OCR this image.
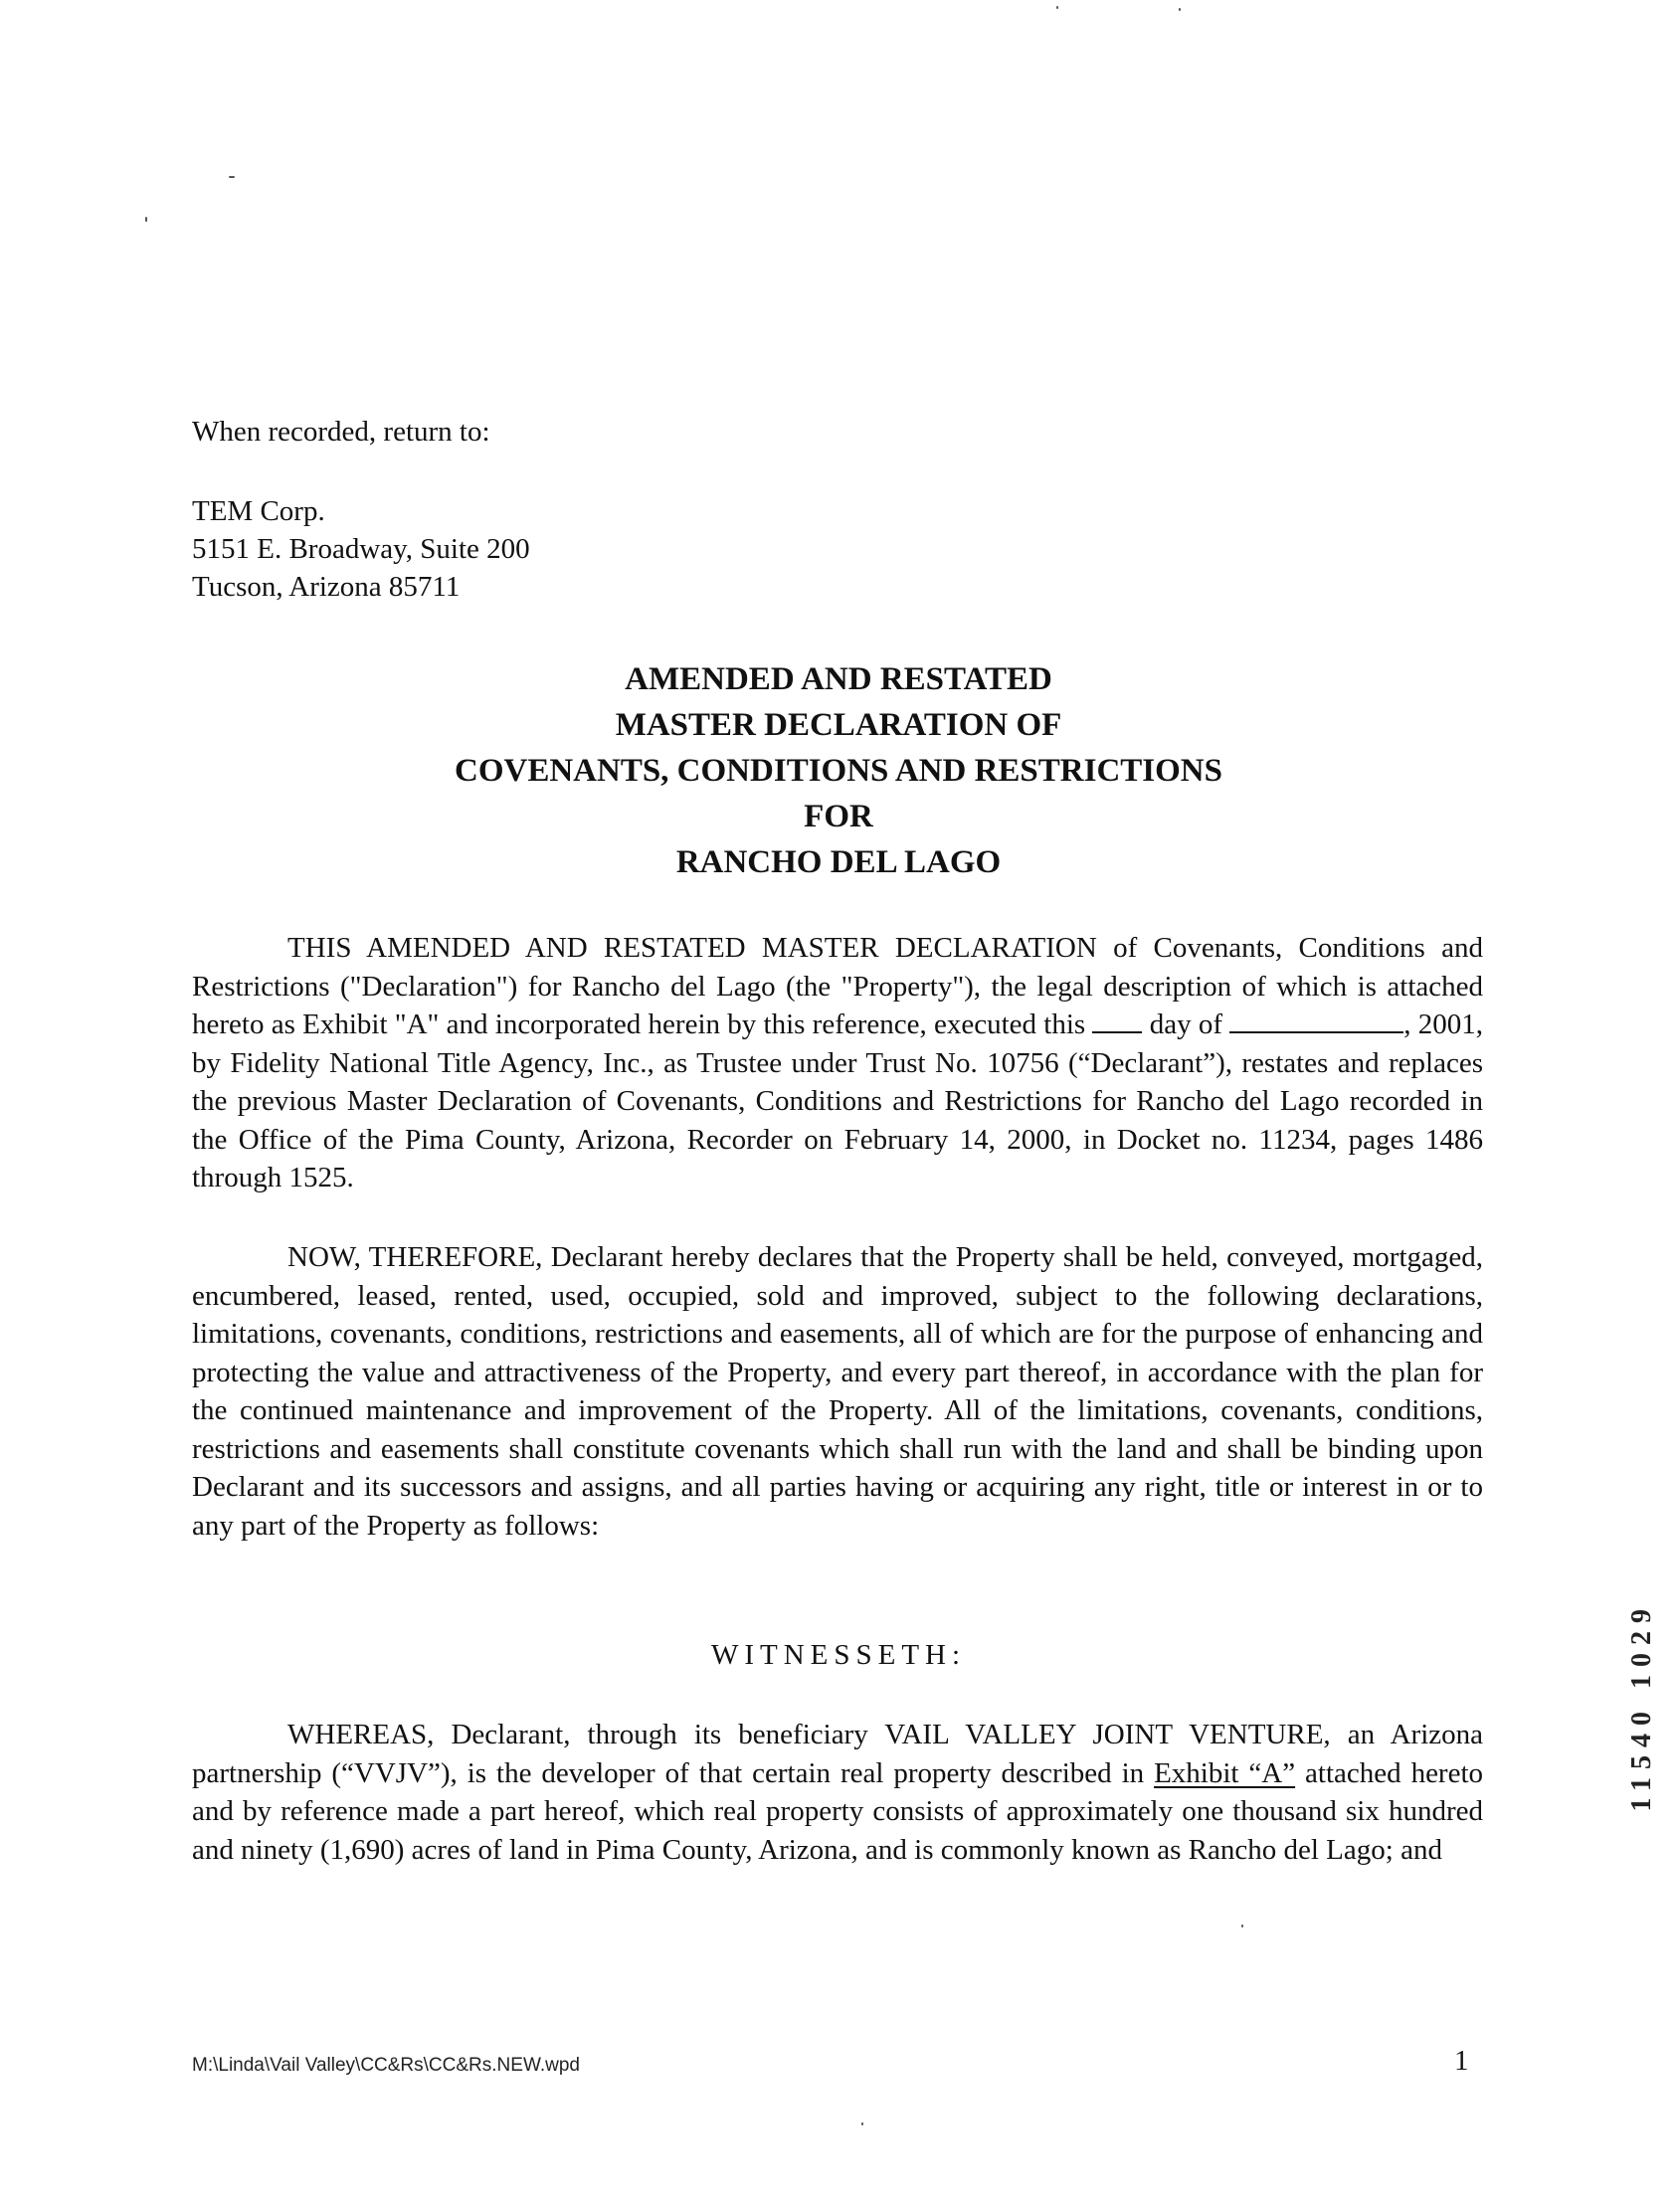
When recorded, return to:
TEM Corp.
5151 E. Broadway, Suite 200
Tucson, Arizona 85711
AMENDED AND RESTATED
MASTER DECLARATION OF
COVENANTS, CONDITIONS AND RESTRICTIONS
FOR
RANCHO DEL LAGO

THIS AMENDED AND RESTATED MASTER DECLARATION of Covenants, Conditions and Restrictions ("Declaration") for Rancho del Lago (the "Property"), the legal description of which is attached hereto as Exhibit "A" and incorporated herein by this reference, executed this day of	, 2001, by Fidelity National Title Agency, Inc., as Trustee under Trust No. 10756 (“Declarant”), restates and replaces the previous Master Declaration of Covenants, Conditions and Restrictions for Rancho del Lago recorded in the Office of the Pima County, Arizona, Recorder on February 14, 2000, in Docket no. 11234, pages 1486 through 1525.

NOW, THEREFORE, Declarant hereby declares that the Property shall be held, conveyed, mortgaged, encumbered, leased, rented, used, occupied, sold and improved, subject to the following declarations, limitations, covenants, conditions, restrictions and easements, all of which are for the purpose of enhancing and protecting the value and attractiveness of the Property, and every part thereof, in accordance with the plan for the continued maintenance and improvement of the Property. All of the limitations, covenants, conditions, restrictions and easements shall constitute covenants which shall run with the land and shall be binding upon Declarant and its successors and assigns, and all parties having or acquiring any right, title or interest in or to any part of the Property as follows:

WITNESSETH:

WHEREAS, Declarant, through its beneficiary VAIL VALLEY JOINT VENTURE, an Arizona partnership (“VVJV”), is the developer of that certain real property described in Exhibit “A” attached hereto and by reference made a part hereof, which real property consists of approximately one thousand six hundred and ninety (1,690) acres of land in Pima County, Arizona, and is commonly known as Rancho del Lago; and

11540 1029
M:\Linda\Vail Valley\CC&Rs\CC&Rs.NEW.wpd	1
